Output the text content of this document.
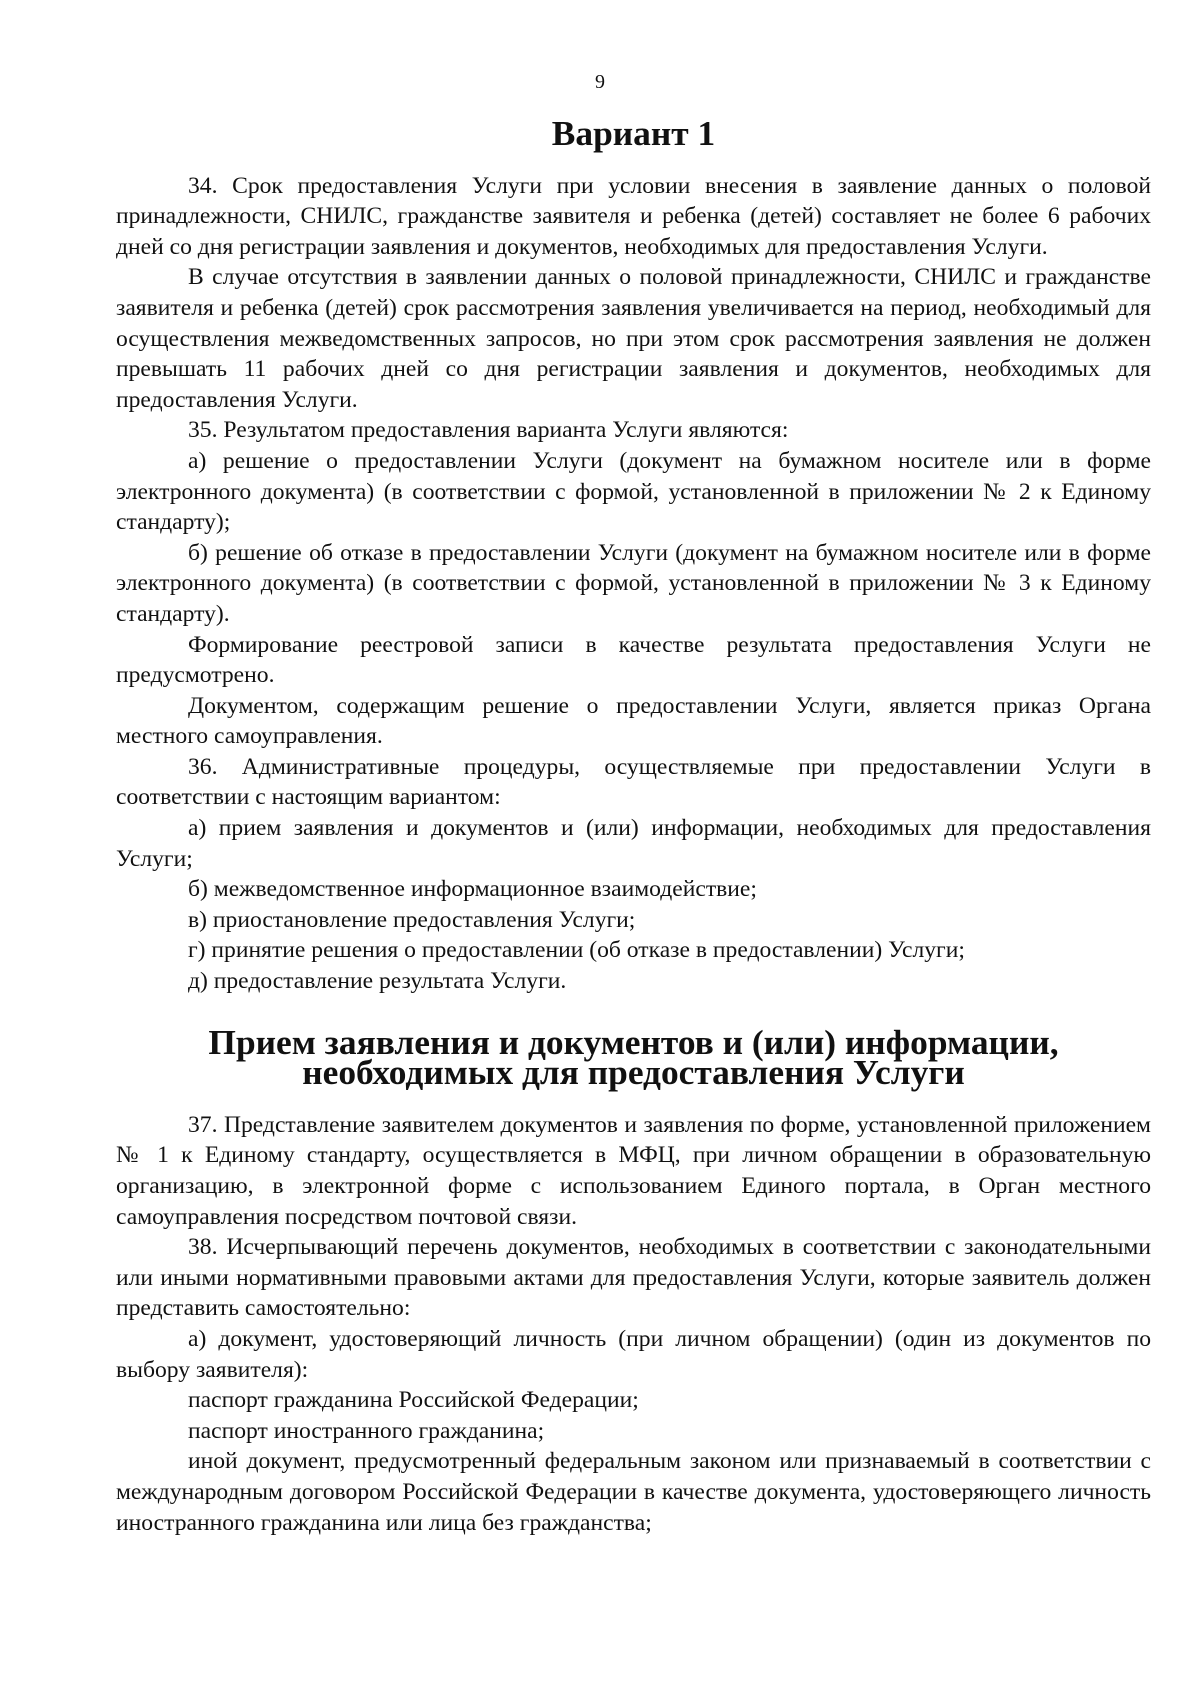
9
Вариант 1

34. Срок предоставления Услуги при условии внесения в заявление данных о половой принадлежности, СНИЛС, гражданстве заявителя и ребенка (детей) составляет не более 6 рабочих дней со дня регистрации заявления и документов, необходимых для предоставления Услуги.

В случае отсутствия в заявлении данных о половой принадлежности, СНИЛС и гражданстве заявителя и ребенка (детей) срок рассмотрения заявления увеличивается на период, необходимый для осуществления межведомственных запросов, но при этом срок рассмотрения заявления не должен превышать 11 рабочих дней со дня регистрации заявления и документов, необходимых для предоставления Услуги.

35. Результатом предоставления варианта Услуги являются:

а) решение о предоставлении Услуги (документ на бумажном носителе или в форме электронного документа) (в соответствии с формой, установленной в приложении № 2 к Единому стандарту);

б) решение об отказе в предоставлении Услуги (документ на бумажном носителе или в форме электронного документа) (в соответствии с формой, установленной в приложении № 3 к Единому стандарту).

Формирование реестровой записи в качестве результата предоставления Услуги не предусмотрено.

Документом, содержащим решение о предоставлении Услуги, является приказ Органа местного самоуправления.

36. Административные процедуры, осуществляемые при предоставлении Услуги в соответствии с настоящим вариантом:

а) прием заявления и документов и (или) информации, необходимых для предоставления Услуги;

б) межведомственное информационное взаимодействие;

в) приостановление предоставления Услуги;

г) принятие решения о предоставлении (об отказе в предоставлении) Услуги;

д) предоставление результата Услуги.

Прием заявления и документов и (или) информации, необходимых для предоставления Услуги

37. Представление заявителем документов и заявления по форме, установленной приложением № 1 к Единому стандарту, осуществляется в МФЦ, при личном обращении в образовательную организацию, в электронной форме с использованием Единого портала, в Орган местного самоуправления посредством почтовой связи.

38. Исчерпывающий перечень документов, необходимых в соответствии с законодательными или иными нормативными правовыми актами для предоставления Услуги, которые заявитель должен представить самостоятельно:

а) документ, удостоверяющий личность (при личном обращении) (один из документов по выбору заявителя):

паспорт гражданина Российской Федерации;

паспорт иностранного гражданина;

иной документ, предусмотренный федеральным законом или признаваемый в соответствии с международным договором Российской Федерации в качестве документа, удостоверяющего личность иностранного гражданина или лица без гражданства;
